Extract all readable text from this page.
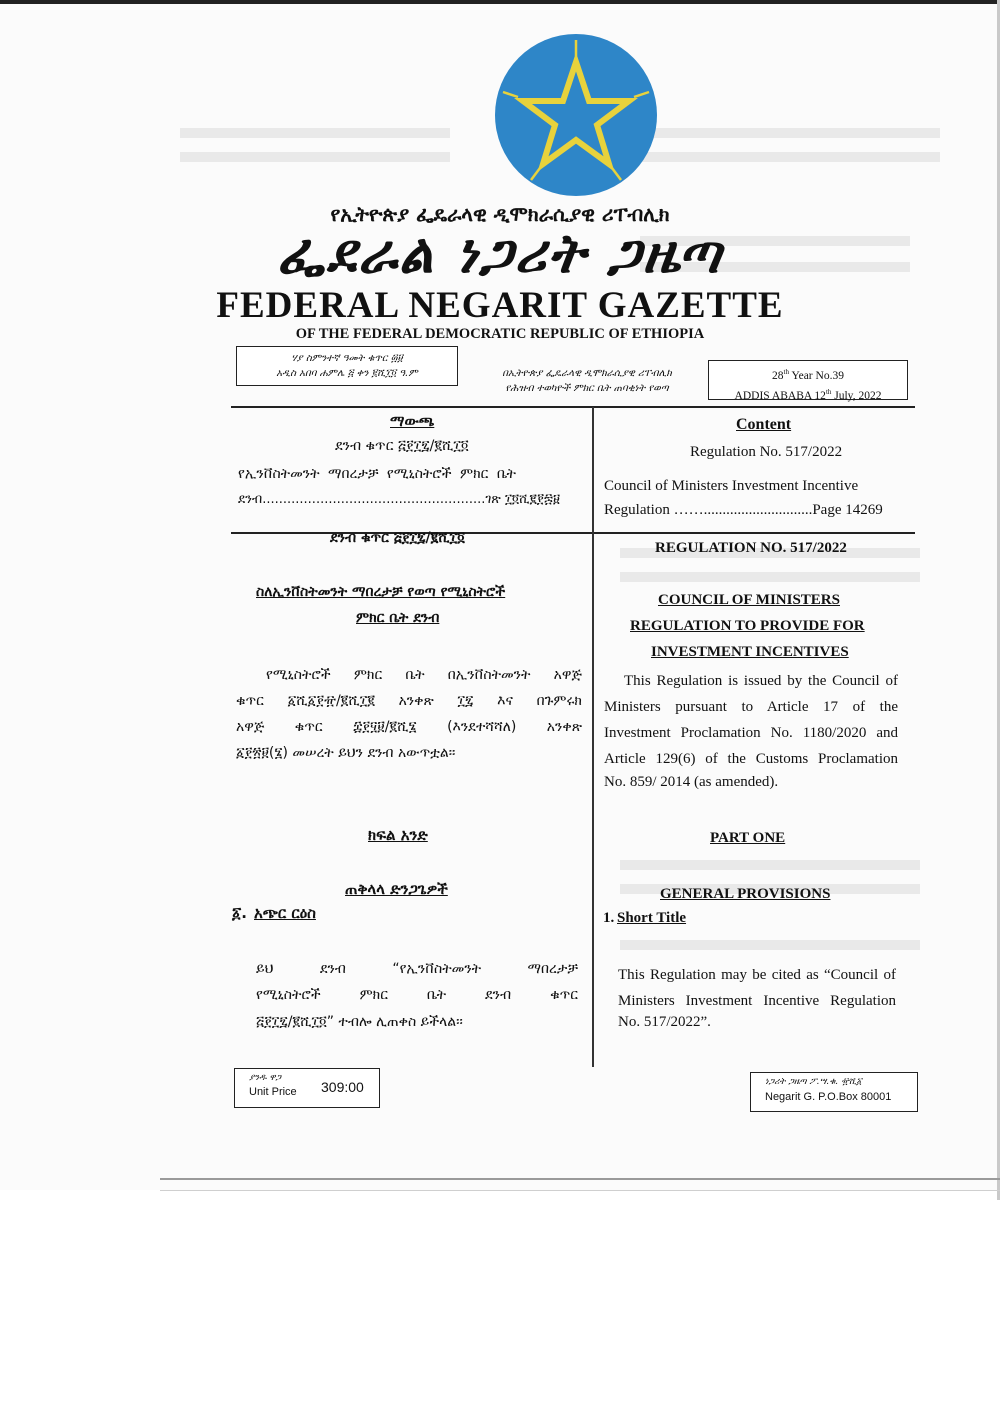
የኢትዮጵያ ፌዴራላዊ ዲሞክራሲያዊ ሪፐብሊክ
ፌደራል ነጋሪት ጋዜጣ
FEDERAL NEGARIT GAZETTE
OF THE FEDERAL DEMOCRATIC REPUBLIC OF ETHIOPIA
ሃያ ስምንተኛ ዓመት ቁጥር ፴፱
አዲስ አበባ ሐምሌ ፭ ቀን ፪ሺ፲፬ ዓ.ም	በኢትዮጵያ ፌዴራላዊ ዲሞክራሲያዊ ሪፐብሊክ
የሕዝብ ተወካዮች ምክር ቤት ጠባቂነት የወጣ
28th Year No.39
ADDIS ABABA 12th July, 2022
ማውጫ
ደንብ ቁጥር ፭፻፲፯/፪ሺ፲፬
የኢንቨስትመንት ማበረታቻ የሚኒስትሮች ምክር ቤት
ደንብ......................................................ገጽ ፲፬ሺ፪፻፷፱
ደንብ ቁጥር ፭፻፲፯/፪ሺ፲፬
ስለኢንቨስትመንት ማበረታቻ የወጣ የሚኒስትሮች
ምክር ቤት ደንብ
የሚኒስትሮች ምክር ቤት በኢንቨስትመንት አዋጅ
ቁጥር ፩ሺ፩፻፹/፪ሺ፲፪ አንቀጽ ፲፯ እና በጉምሩክ
አዋጅ ቁጥር ፰፻፶፱/፪ሺ፮ (እንደተሻሻለ) አንቀጽ
፩፻፳፱(፮) መሠረት ይህን ደንብ አውጥቷል፡፡
ክፍል አንድ
ጠቅላላ ድንጋጌዎች
፩. አጭር ርዕስ
ይህ ደንብ “የኢንቨስትመንት ማበረታቻ
የሚኒስትሮች ምክር ቤት ደንብ ቁጥር
፭፻፲፯/፪ሺ፲፬” ተብሎ ሊጠቀስ ይችላል፡፡
Content
Regulation No. 517/2022
Council of Ministers Investment Incentive
Regulation …….............................Page 14269
REGULATION NO. 517/2022
COUNCIL OF MINISTERS
REGULATION TO PROVIDE FOR
INVESTMENT INCENTIVES
This Regulation is issued by the Council of
Ministers pursuant to Article 17 of the
Investment Proclamation No. 1180/2020 and
Article 129(6) of the Customs Proclamation
No. 859/ 2014 (as amended).
PART ONE
GENERAL PROVISIONS
1. Short Title
This Regulation may be cited as “Council of
Ministers Investment Incentive Regulation
No. 517/2022”.
ያንዱ ዋጋ
Unit Price 309:00	ነጋሪት ጋዜጣ ፖ.ሣ.ቁ. ፹ሺ፩
Negarit G. P.O.Box 80001
